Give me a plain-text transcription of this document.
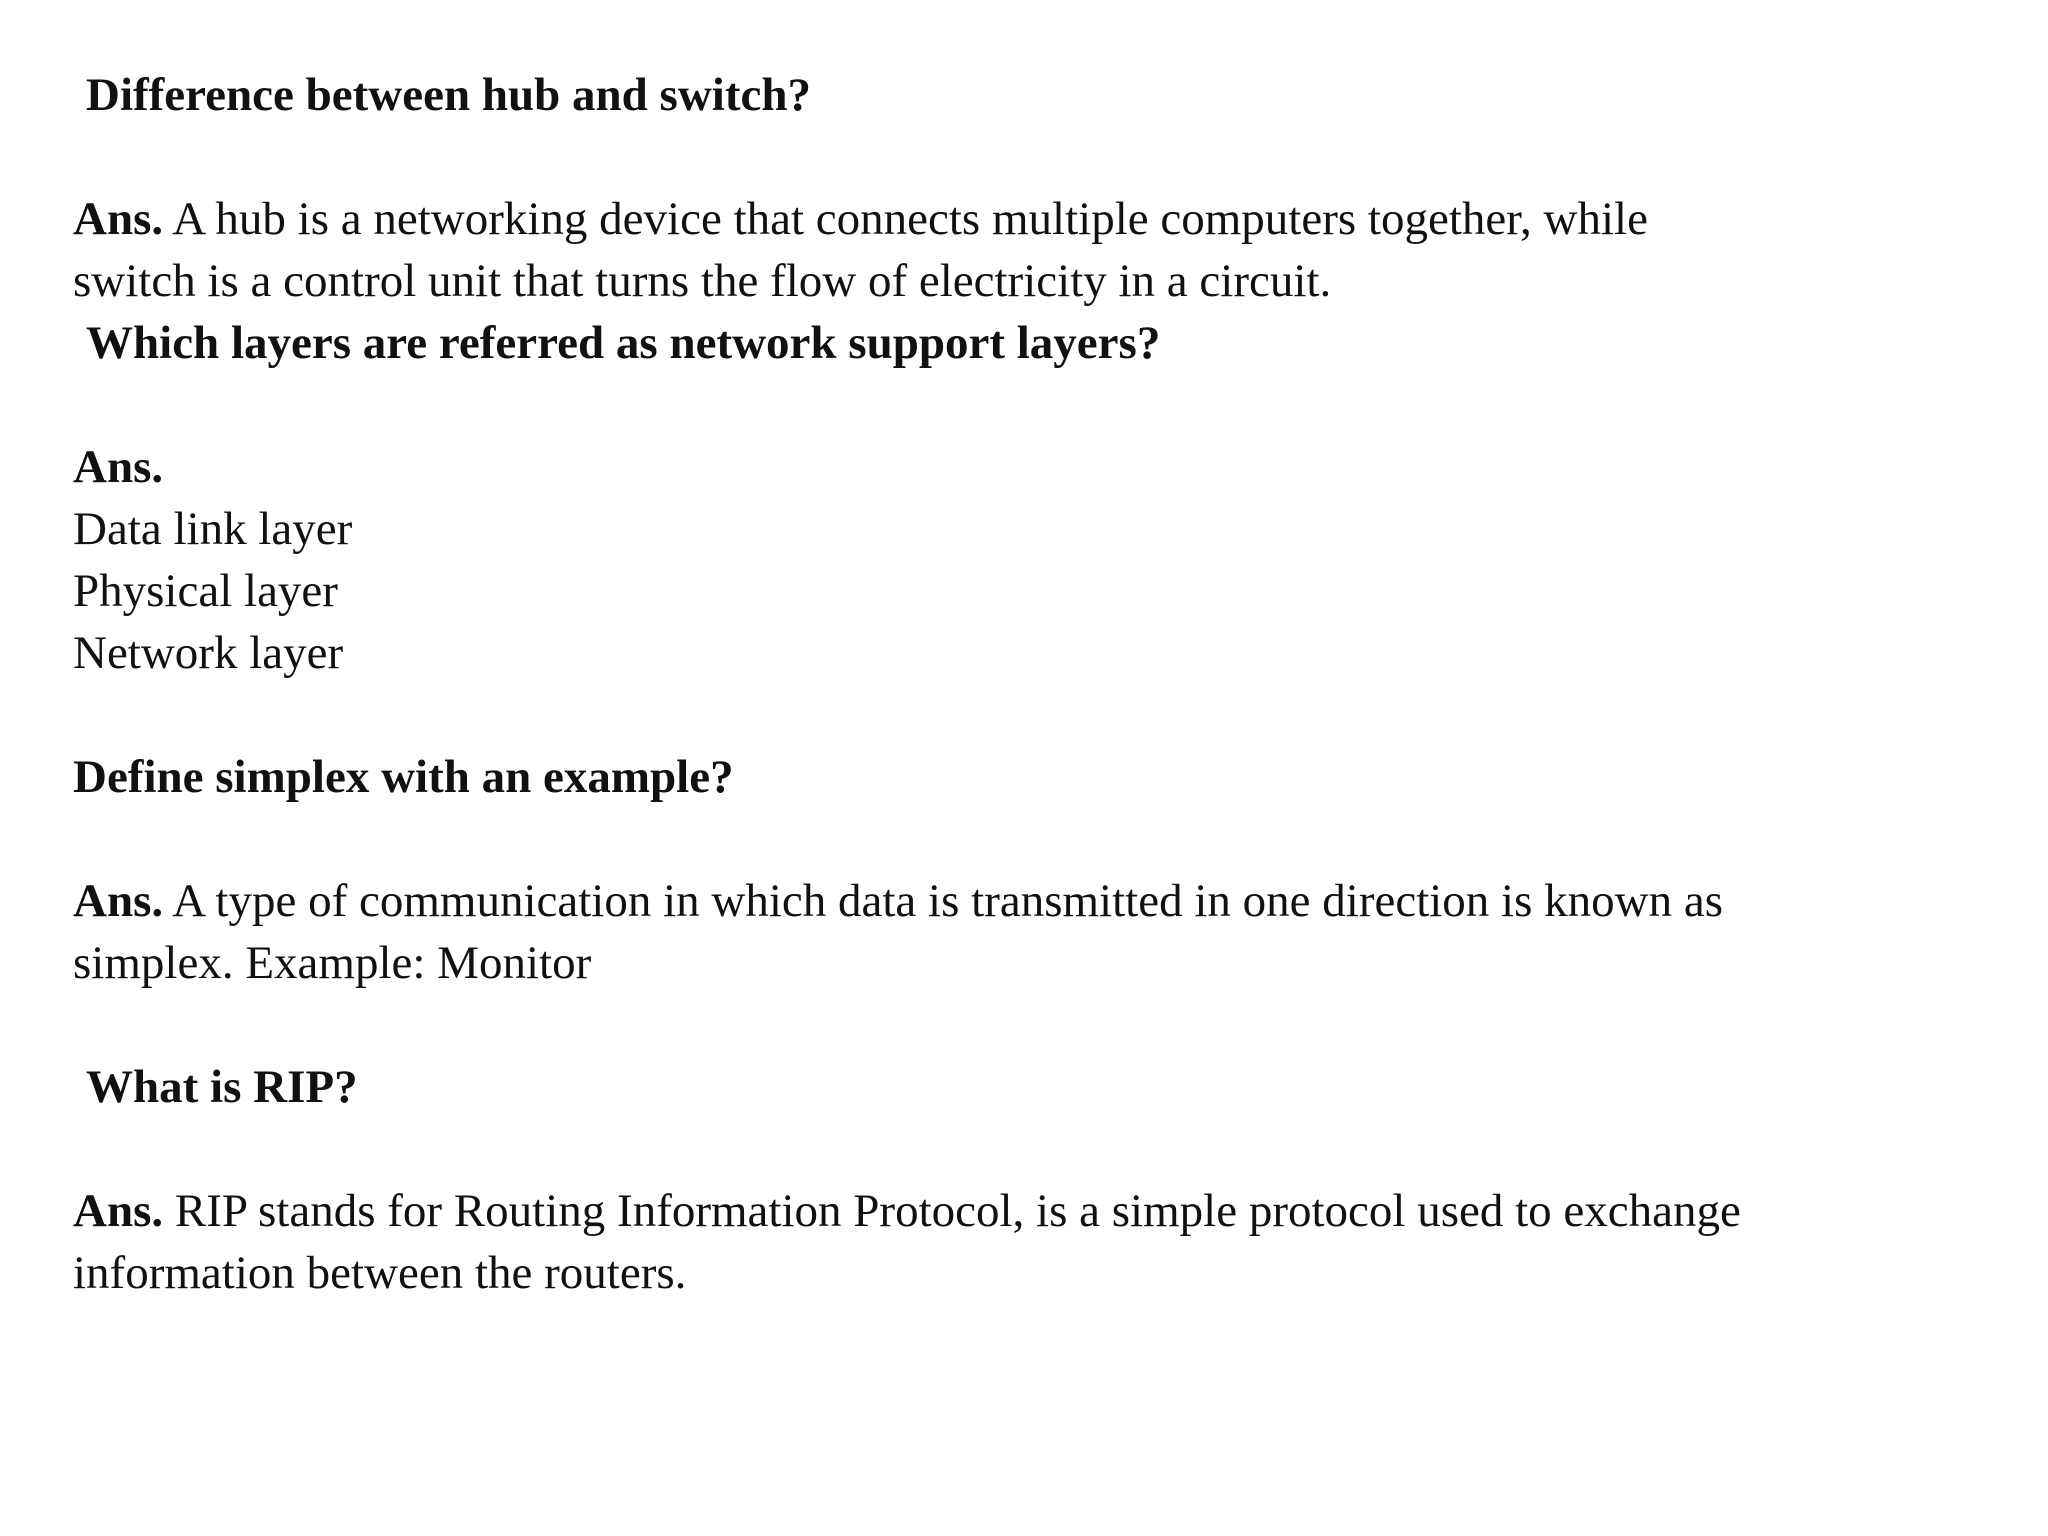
Difference between hub and switch?
Ans. A hub is a networking device that connects multiple computers together, while
switch is a control unit that turns the flow of electricity in a circuit.
Which layers are referred as network support layers?
Ans.
Data link layer
Physical layer
Network layer
Define simplex with an example?
Ans. A type of communication in which data is transmitted in one direction is known as
simplex. Example: Monitor
What is RIP?
Ans. RIP stands for Routing Information Protocol, is a simple protocol used to exchange
information between the routers.
